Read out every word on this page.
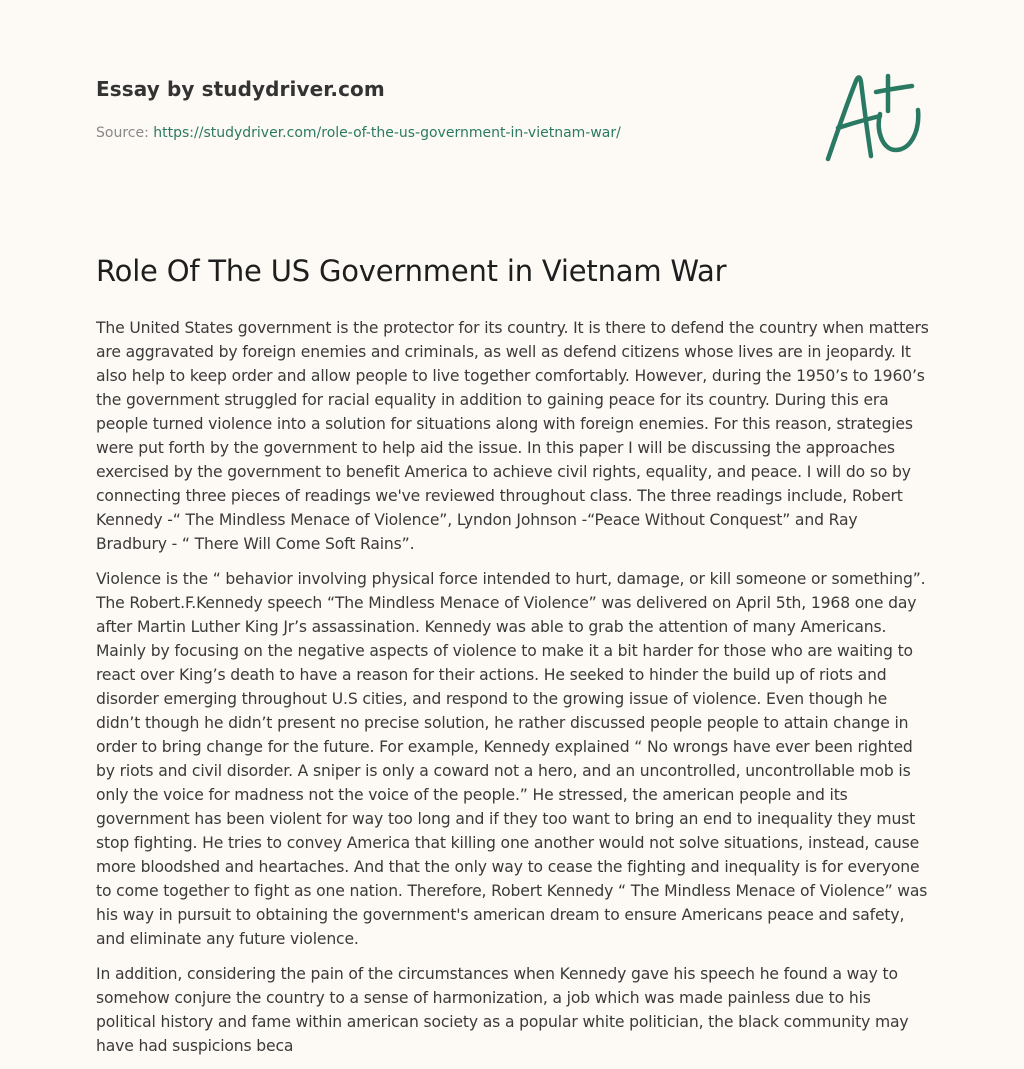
Essay by studydriver.com
Source: https://studydriver.com/role-of-the-us-government-in-vietnam-war/
Role Of The US Government in Vietnam War

The United States government is the protector for its country. It is there to defend the country when matters are aggravated by foreign enemies and criminals, as well as defend citizens whose lives are in jeopardy. It also help to keep order and allow people to live together comfortably. However, during the 1950’s to 1960’s the government struggled for racial equality in addition to gaining peace for its country. During this era people turned violence into a solution for situations along with foreign enemies. For this reason, strategies were put forth by the government to help aid the issue. In this paper I will be discussing the approaches exercised by the government to benefit America to achieve civil rights, equality, and peace. I will do so by connecting three pieces of readings we've reviewed throughout class. The three readings include, Robert Kennedy -“ The Mindless Menace of Violence”, Lyndon Johnson -“Peace Without Conquest” and Ray Bradbury - “ There Will Come Soft Rains”.

Violence is the “ behavior involving physical force intended to hurt, damage, or kill someone or something”. The Robert.F.Kennedy speech “The Mindless Menace of Violence” was delivered on April 5th, 1968 one day after Martin Luther King Jr’s assassination. Kennedy was able to grab the attention of many Americans. Mainly by focusing on the negative aspects of violence to make it a bit harder for those who are waiting to react over King’s death to have a reason for their actions. He seeked to hinder the build up of riots and disorder emerging throughout U.S cities, and respond to the growing issue of violence. Even though he didn’t though he didn’t present no precise solution, he rather discussed people people to attain change in order to bring change for the future. For example, Kennedy explained “ No wrongs have ever been righted by riots and civil disorder. A sniper is only a coward not a hero, and an uncontrolled, uncontrollable mob is only the voice for madness not the voice of the people.” He stressed, the american people and its government has been violent for way too long and if they too want to bring an end to inequality they must stop fighting. He tries to convey America that killing one another would not solve situations, instead, cause more bloodshed and heartaches. And that the only way to cease the fighting and inequality is for everyone to come together to fight as one nation. Therefore, Robert Kennedy “ The Mindless Menace of Violence” was his way in pursuit to obtaining the government's american dream to ensure Americans peace and safety, and eliminate any future violence.

In addition, considering the pain of the circumstances when Kennedy gave his speech he found a way to somehow conjure the country to a sense of harmonization, a job which was made painless due to his political history and fame within american society as a popular white politician, the black community may have had suspicions beca
